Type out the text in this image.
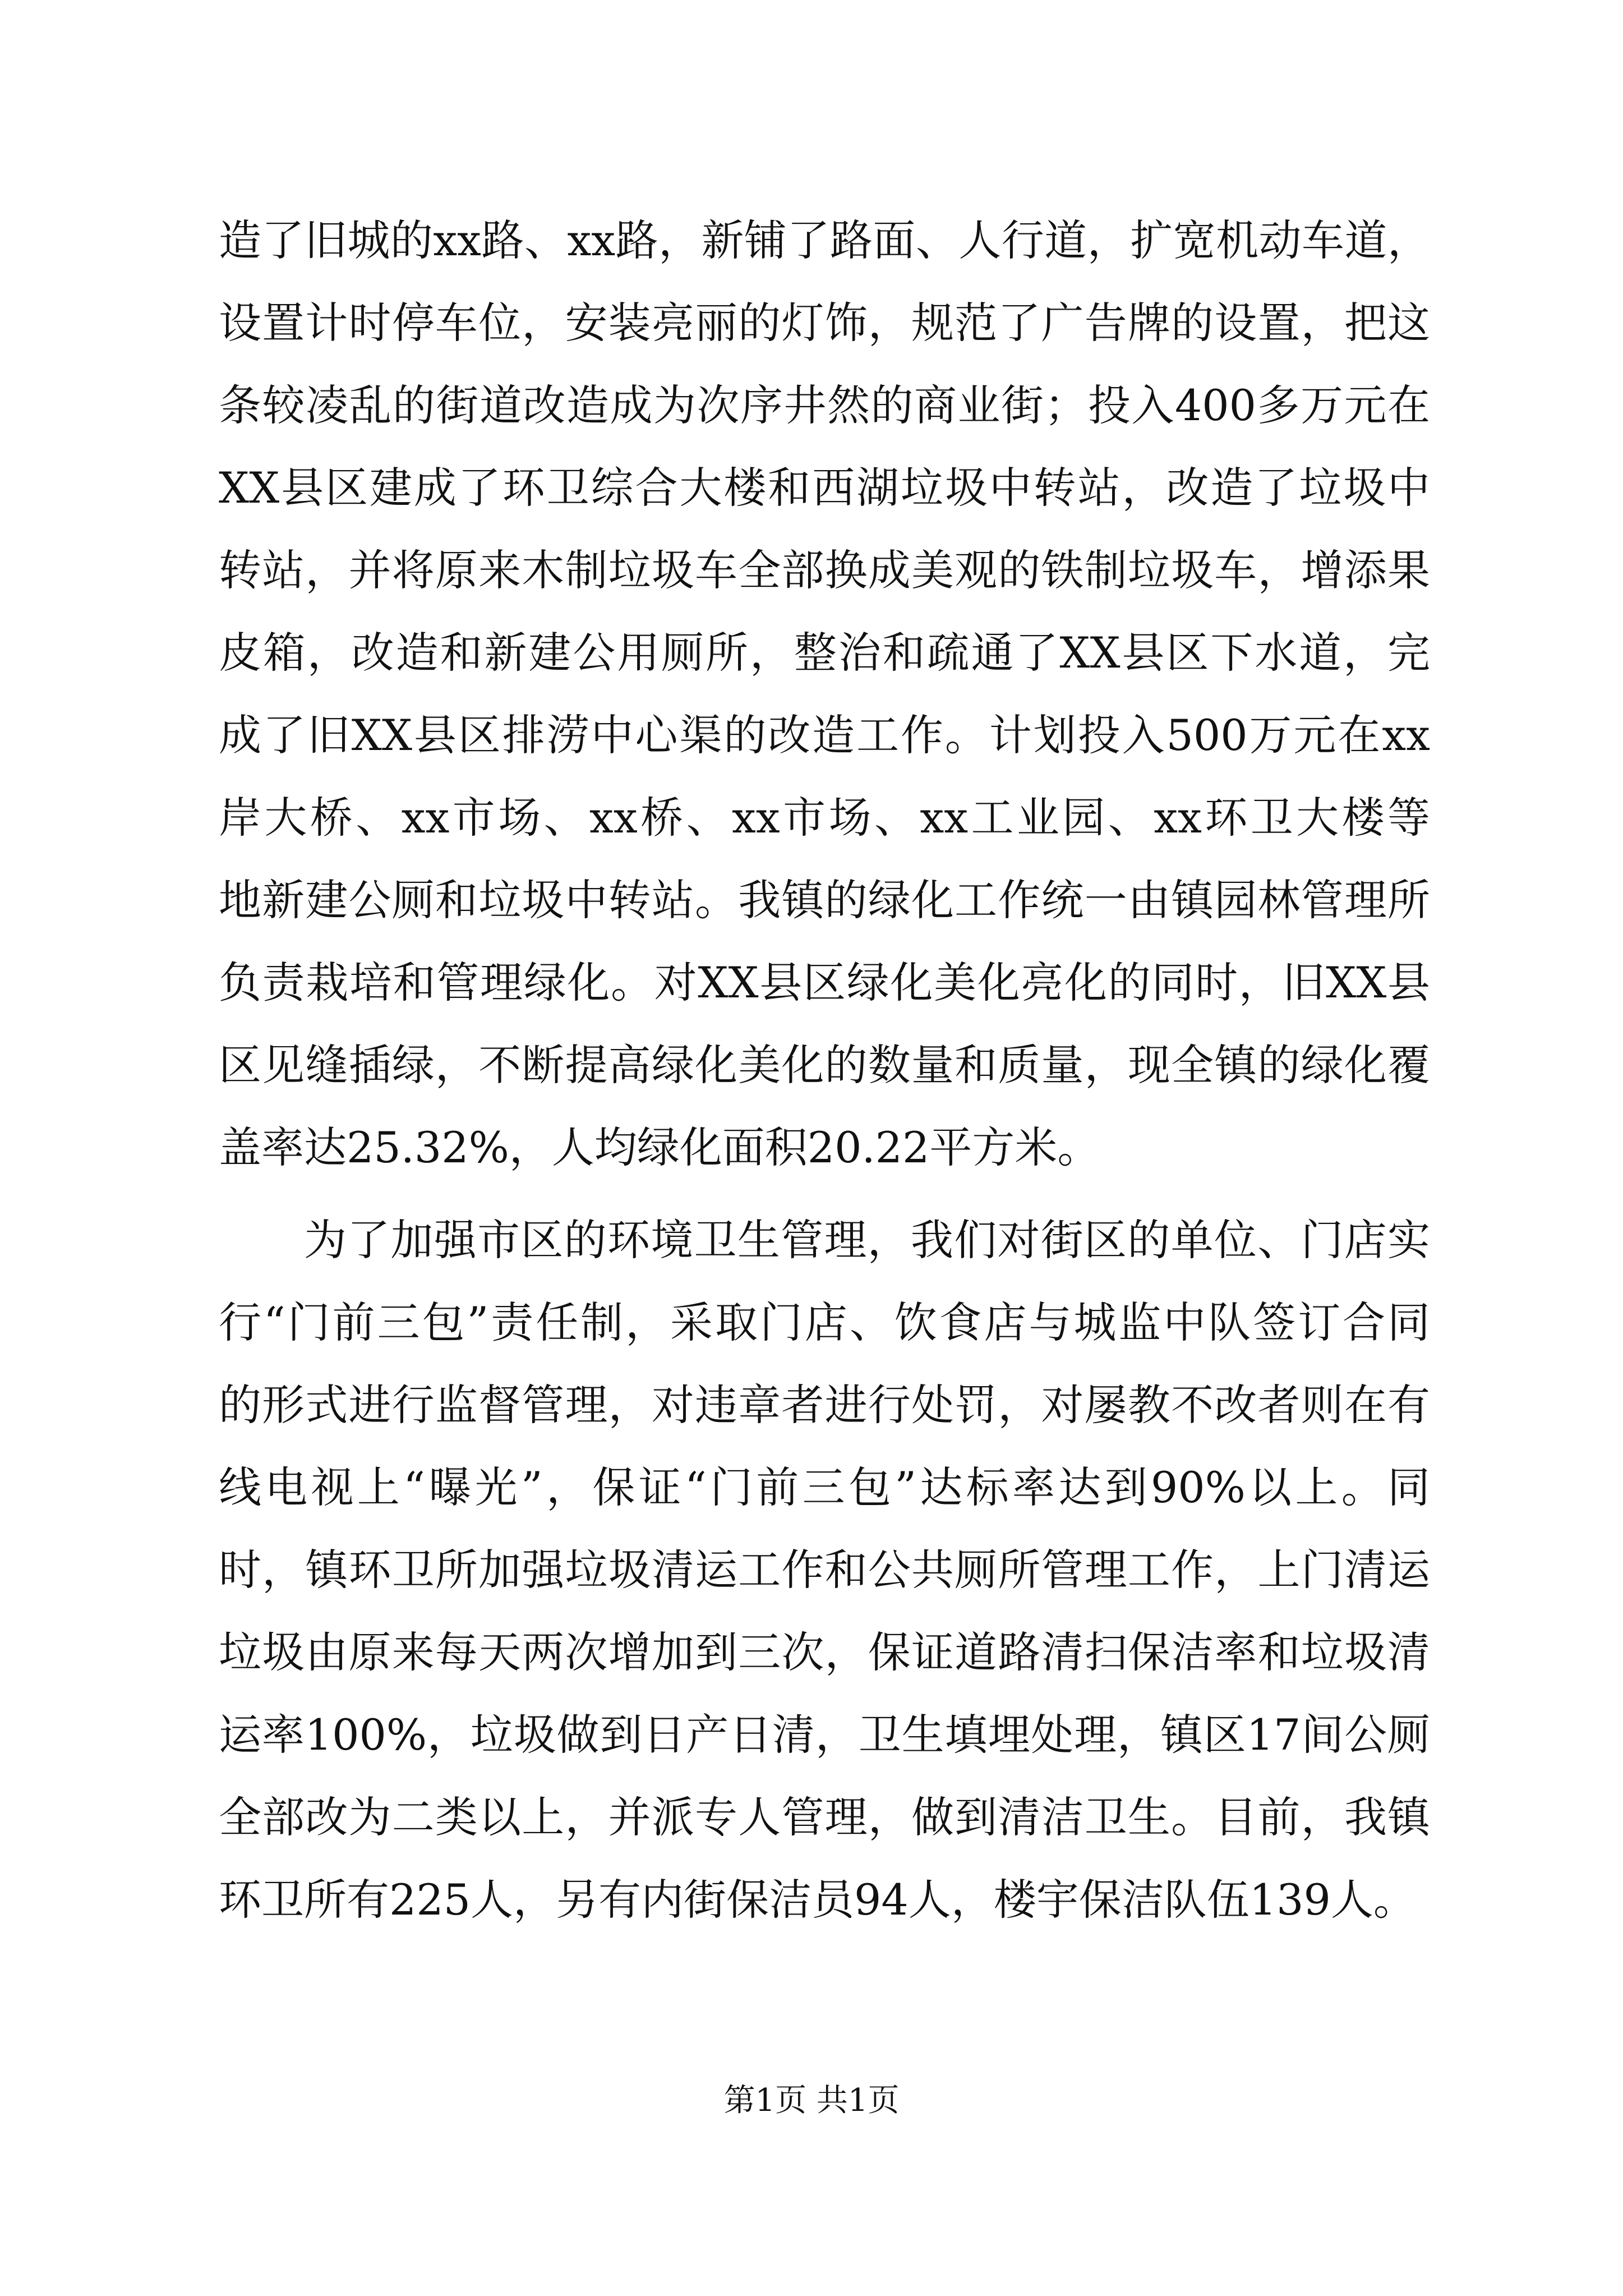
造了旧城的xx路、xx路，新铺了路面、人行道，扩宽机动车道，
设置计时停车位，安装亮丽的灯饰，规范了广告牌的设置，把这
条较凌乱的街道改造成为次序井然的商业街；投入400多万元在
XX县区建成了环卫综合大楼和西湖垃圾中转站，改造了垃圾中
转站，并将原来木制垃圾车全部换成美观的铁制垃圾车，增添果
皮箱，改造和新建公用厕所，整治和疏通了XX县区下水道，完
成了旧XX县区排涝中心渠的改造工作。计划投入500万元在xx
岸大桥、xx市场、xx桥、xx市场、xx工业园、xx环卫大楼等
地新建公厕和垃圾中转站。我镇的绿化工作统一由镇园林管理所
负责栽培和管理绿化。对XX县区绿化美化亮化的同时，旧XX县
区见缝插绿，不断提高绿化美化的数量和质量，现全镇的绿化覆
盖率达25.32%，人均绿化面积20.22平方米。
为了加强市区的环境卫生管理，我们对街区的单位、门店实
行“门前三包”责任制，采取门店、饮食店与城监中队签订合同
的形式进行监督管理，对违章者进行处罚，对屡教不改者则在有
线电视上“曝光”，保证“门前三包”达标率达到90%以上。同
时，镇环卫所加强垃圾清运工作和公共厕所管理工作，上门清运
垃圾由原来每天两次增加到三次，保证道路清扫保洁率和垃圾清
运率100%，垃圾做到日产日清，卫生填埋处理，镇区17间公厕
全部改为二类以上，并派专人管理，做到清洁卫生。目前，我镇
环卫所有225人，另有内街保洁员94人，楼宇保洁队伍139人。
第1页 共1页
